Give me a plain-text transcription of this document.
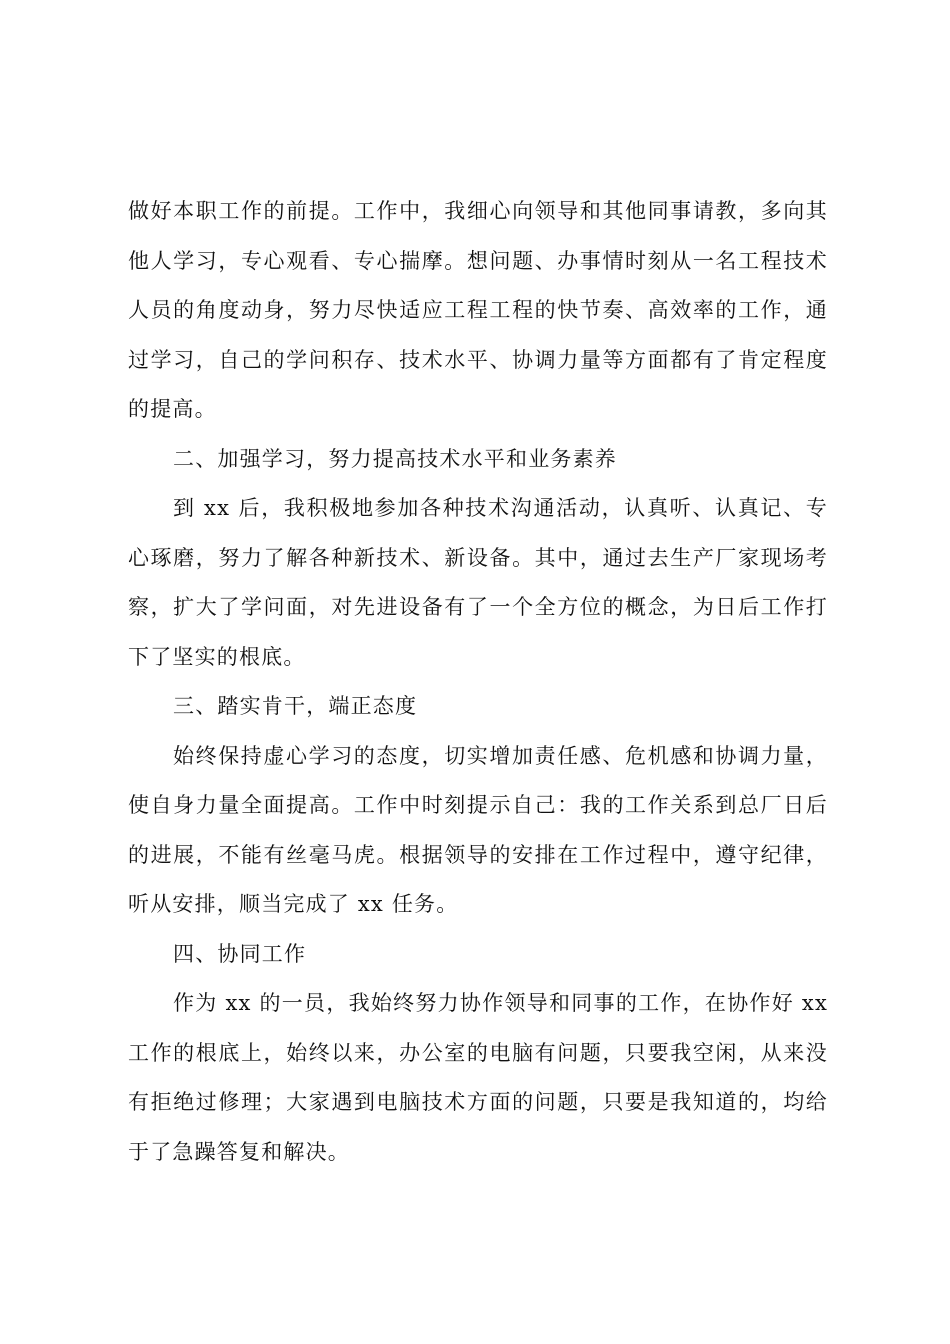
做好本职工作的前提。工作中，我细心向领导和其他同事请教，多向其他人学习，专心观看、专心揣摩。想问题、办事情时刻从一名工程技术人员的角度动身，努力尽快适应工程工程的快节奏、高效率的工作，通过学习，自己的学问积存、技术水平、协调力量等方面都有了肯定程度的提高。

二、加强学习，努力提高技术水平和业务素养

到 xx 后，我积极地参加各种技术沟通活动，认真听、认真记、专心琢磨，努力了解各种新技术、新设备。其中，通过去生产厂家现场考察，扩大了学问面，对先进设备有了一个全方位的概念，为日后工作打下了坚实的根底。

三、踏实肯干，端正态度

始终保持虚心学习的态度，切实增加责任感、危机感和协调力量，使自身力量全面提高。工作中时刻提示自己：我的工作关系到总厂日后的进展，不能有丝毫马虎。根据领导的安排在工作过程中，遵守纪律，听从安排，顺当完成了 xx 任务。

四、协同工作

作为 xx 的一员，我始终努力协作领导和同事的工作，在协作好 xx 工作的根底上，始终以来，办公室的电脑有问题，只要我空闲，从来没有拒绝过修理；大家遇到电脑技术方面的问题，只要是我知道的，均给于了急躁答复和解决。
